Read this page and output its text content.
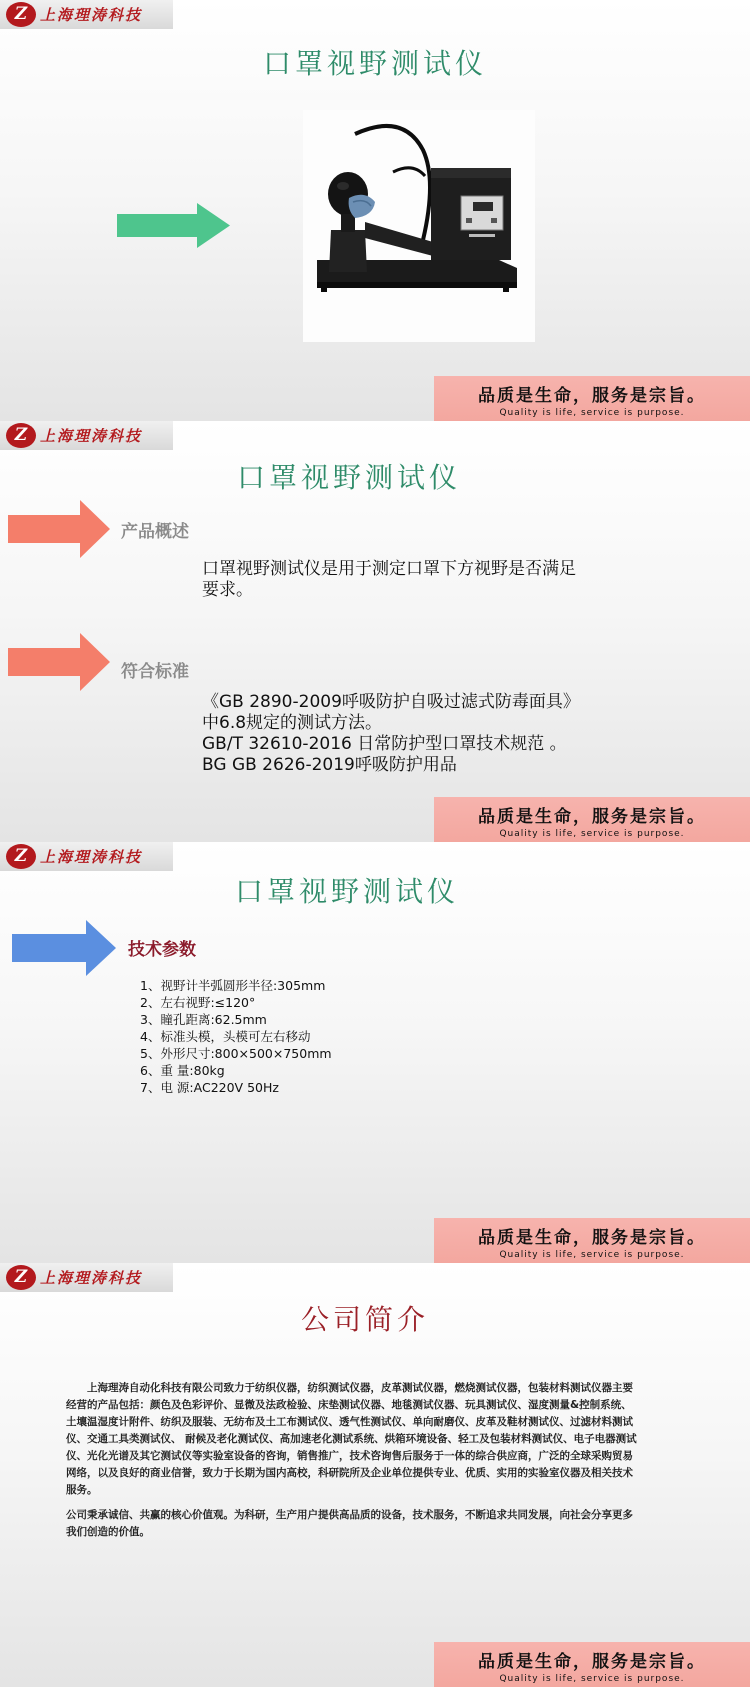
Z 上海理涛科技
口罩视野测试仪
品质是生命，服务是宗旨。
Quality is life, service is purpose.
Z 上海理涛科技
口罩视野测试仪
产品概述
口罩视野测试仪是用于测定口罩下方视野是否满足
要求。
符合标准
《GB 2890-2009呼吸防护自吸过滤式防毒面具》
中6.8规定的测试方法。
GB/T 32610-2016 日常防护型口罩技术规范 。
BG GB 2626-2019呼吸防护用品
品质是生命，服务是宗旨。
Quality is life, service is purpose.
Z 上海理涛科技
口罩视野测试仪
技术参数
1、视野计半弧圆形半径:305mm
2、左右视野:≤120°
3、瞳孔距离:62.5mm
4、标准头模，头模可左右移动
5、外形尺寸:800×500×750mm
6、重 量:80kg
7、电 源:AC220V 50Hz
品质是生命，服务是宗旨。
Quality is life, service is purpose.
Z 上海理涛科技
公司简介

上海理涛自动化科技有限公司致力于纺织仪器，纺织测试仪器，皮革测试仪器，燃烧测试仪器，包装材料测试仪器主要经营的产品包括：颜色及色彩评价、显微及法政检验、床垫测试仪器、地毯测试仪器、玩具测试仪、湿度测量&控制系统、土壤温湿度计附件、纺织及服装、无纺布及土工布测试仪、透气性测试仪、单向耐磨仪、皮革及鞋材测试仪、过滤材料测试仪、交通工具类测试仪、 耐候及老化测试仪、高加速老化测试系统、烘箱环境设备、轻工及包装材料测试仪、电子电器测试仪、光化光谱及其它测试仪等实验室设备的咨询，销售推广，技术咨询售后服务于一体的综合供应商，广泛的全球采购贸易网络，以及良好的商业信誉，致力于长期为国内高校，科研院所及企业单位提供专业、优质、实用的实验室仪器及相关技术服务。

公司秉承诚信、共赢的核心价值观。为科研，生产用户提供高品质的设备，技术服务，不断追求共同发展，向社会分享更多我们创造的价值。

品质是生命，服务是宗旨。
Quality is life, service is purpose.
